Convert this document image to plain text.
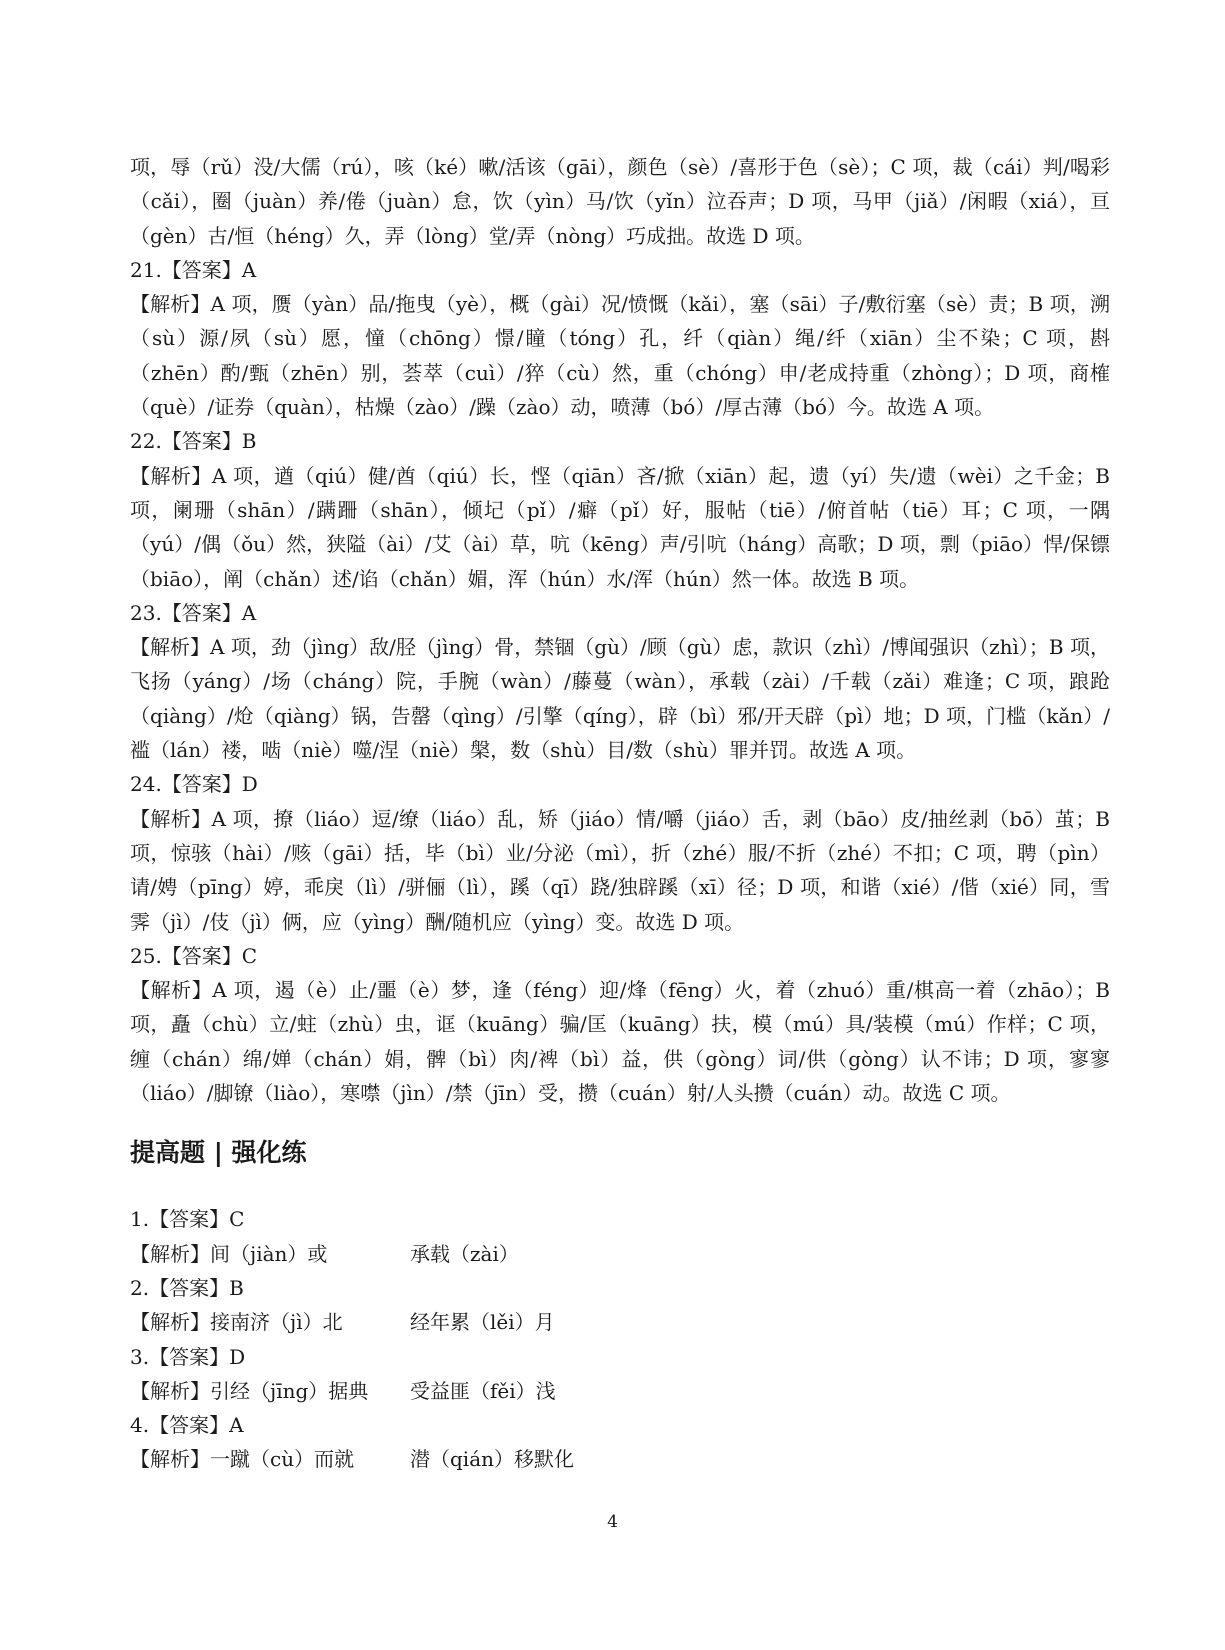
项，辱（rǔ）没/大儒（rú），咳（ké）嗽/活该（gāi），颜色（sè）/喜形于色（sè）；C 项，裁（cái）判/喝彩（cǎi），圈（juàn）养/倦（juàn）怠，饮（yìn）马/饮（yǐn）泣吞声；D 项，马甲（jiǎ）/闲暇（xiá），亘（gèn）古/恒（héng）久，弄（lòng）堂/弄（nòng）巧成拙。故选 D 项。

21.【答案】A

【解析】A 项，赝（yàn）品/拖曳（yè），概（gài）况/愤慨（kǎi），塞（sāi）子/敷衍塞（sè）责；B 项，溯（sù）源/夙（sù）愿，憧（chōng）憬/瞳（tóng）孔，纤（qiàn）绳/纤（xiān）尘不染；C 项，斟（zhēn）酌/甄（zhēn）别，荟萃（cuì）/猝（cù）然，重（chóng）申/老成持重（zhòng）；D 项，商榷（què）/证券（quàn），枯燥（zào）/躁（zào）动，喷薄（bó）/厚古薄（bó）今。故选 A 项。

22.【答案】B

【解析】A 项，遒（qiú）健/酋（qiú）长，悭（qiān）吝/掀（xiān）起，遗（yí）失/遗（wèi）之千金；B 项，阑珊（shān）/蹒跚（shān），倾圮（pǐ）/癖（pǐ）好，服帖（tiē）/俯首帖（tiē）耳；C 项，一隅（yú）/偶（ǒu）然，狭隘（ài）/艾（ài）草，吭（kēng）声/引吭（háng）高歌；D 项，剽（piāo）悍/保镖（biāo），阐（chǎn）述/谄（chǎn）媚，浑（hún）水/浑（hún）然一体。故选 B 项。

23.【答案】A

【解析】A 项，劲（jìng）敌/胫（jìng）骨，禁锢（gù）/顾（gù）虑，款识（zhì）/博闻强识（zhì）；B 项，飞扬（yáng）/场（cháng）院，手腕（wàn）/藤蔓（wàn），承载（zài）/千载（zǎi）难逢；C 项，踉跄（qiàng）/炝（qiàng）锅，告罄（qìng）/引擎（qíng），辟（bì）邪/开天辟（pì）地；D 项，门槛（kǎn）/褴（lán）褛，啮（niè）噬/涅（niè）槃，数（shù）目/数（shù）罪并罚。故选 A 项。

24.【答案】D

【解析】A 项，撩（liáo）逗/缭（liáo）乱，矫（jiáo）情/嚼（jiáo）舌，剥（bāo）皮/抽丝剥（bō）茧；B 项，惊骇（hài）/赅（gāi）括，毕（bì）业/分泌（mì），折（zhé）服/不折（zhé）不扣；C 项，聘（pìn）请/娉（pīng）婷，乖戾（lì）/骈俪（lì），蹊（qī）跷/独辟蹊（xī）径；D 项，和谐（xié）/偕（xié）同，雪霁（jì）/伎（jì）俩，应（yìng）酬/随机应（yìng）变。故选 D 项。

25.【答案】C

【解析】A 项，遏（è）止/噩（è）梦，逢（féng）迎/烽（fēng）火，着（zhuó）重/棋高一着（zhāo）；B 项，矗（chù）立/蛀（zhù）虫，诓（kuāng）骗/匡（kuāng）扶，模（mú）具/装模（mú）作样；C 项，缠（chán）绵/婵（chán）娟，髀（bì）肉/裨（bì）益，供（gòng）词/供（gòng）认不讳；D 项，寥寥（liáo）/脚镣（liào），寒噤（jìn）/禁（jīn）受，攒（cuán）射/人头攒（cuán）动。故选 C 项。

提高题 | 强化练

1.【答案】C

【解析】间（jiàn）或	承载（zài）

2.【答案】B

【解析】接南济（jì）北	经年累（lěi）月

3.【答案】D

【解析】引经（jīng）据典 受益匪（fěi）浅

4.【答案】A

【解析】一蹴（cù）而就	潜（qián）移默化

4
